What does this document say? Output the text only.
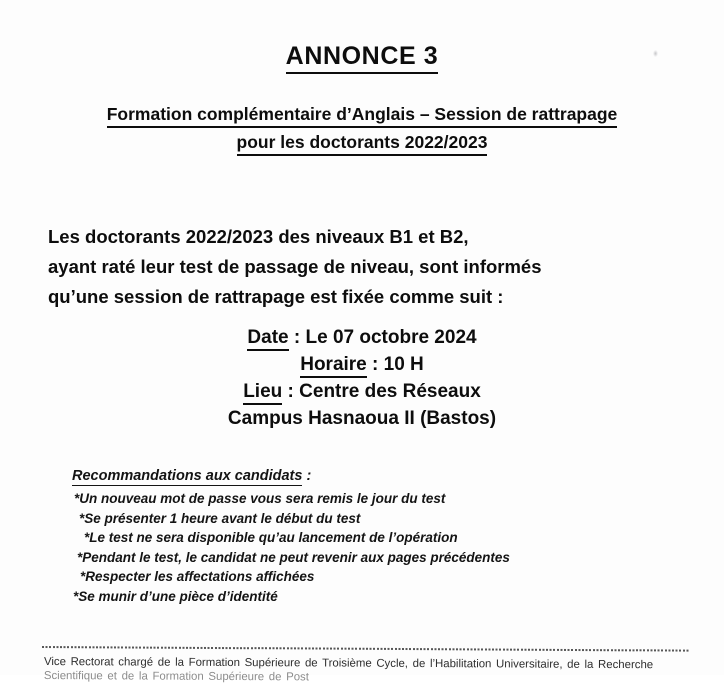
ANNONCE 3
Formation complémentaire d’Anglais – Session de rattrapage
pour les doctorants 2022/2023
Les doctorants 2022/2023 des niveaux B1 et B2,
ayant raté leur test de passage de niveau, sont informés
qu’une session de rattrapage est fixée comme suit :
Date : Le 07 octobre 2024
Horaire : 10 H
Lieu : Centre des Réseaux
Campus Hasnaoua II (Bastos)
Recommandations aux candidats :
*Un nouveau mot de passe vous sera remis le jour du test
*Se présenter 1 heure avant le début du test
*Le test ne sera disponible qu’au lancement de l’opération
*Pendant le test, le candidat ne peut revenir aux pages précédentes
*Respecter les affectations affichées
*Se munir d’une pièce d’identité
Vice Rectorat chargé de la Formation Supérieure de Troisième Cycle, de l’Habilitation Universitaire, de la Recherche
Scientifique et de la Formation Supérieure de Post
